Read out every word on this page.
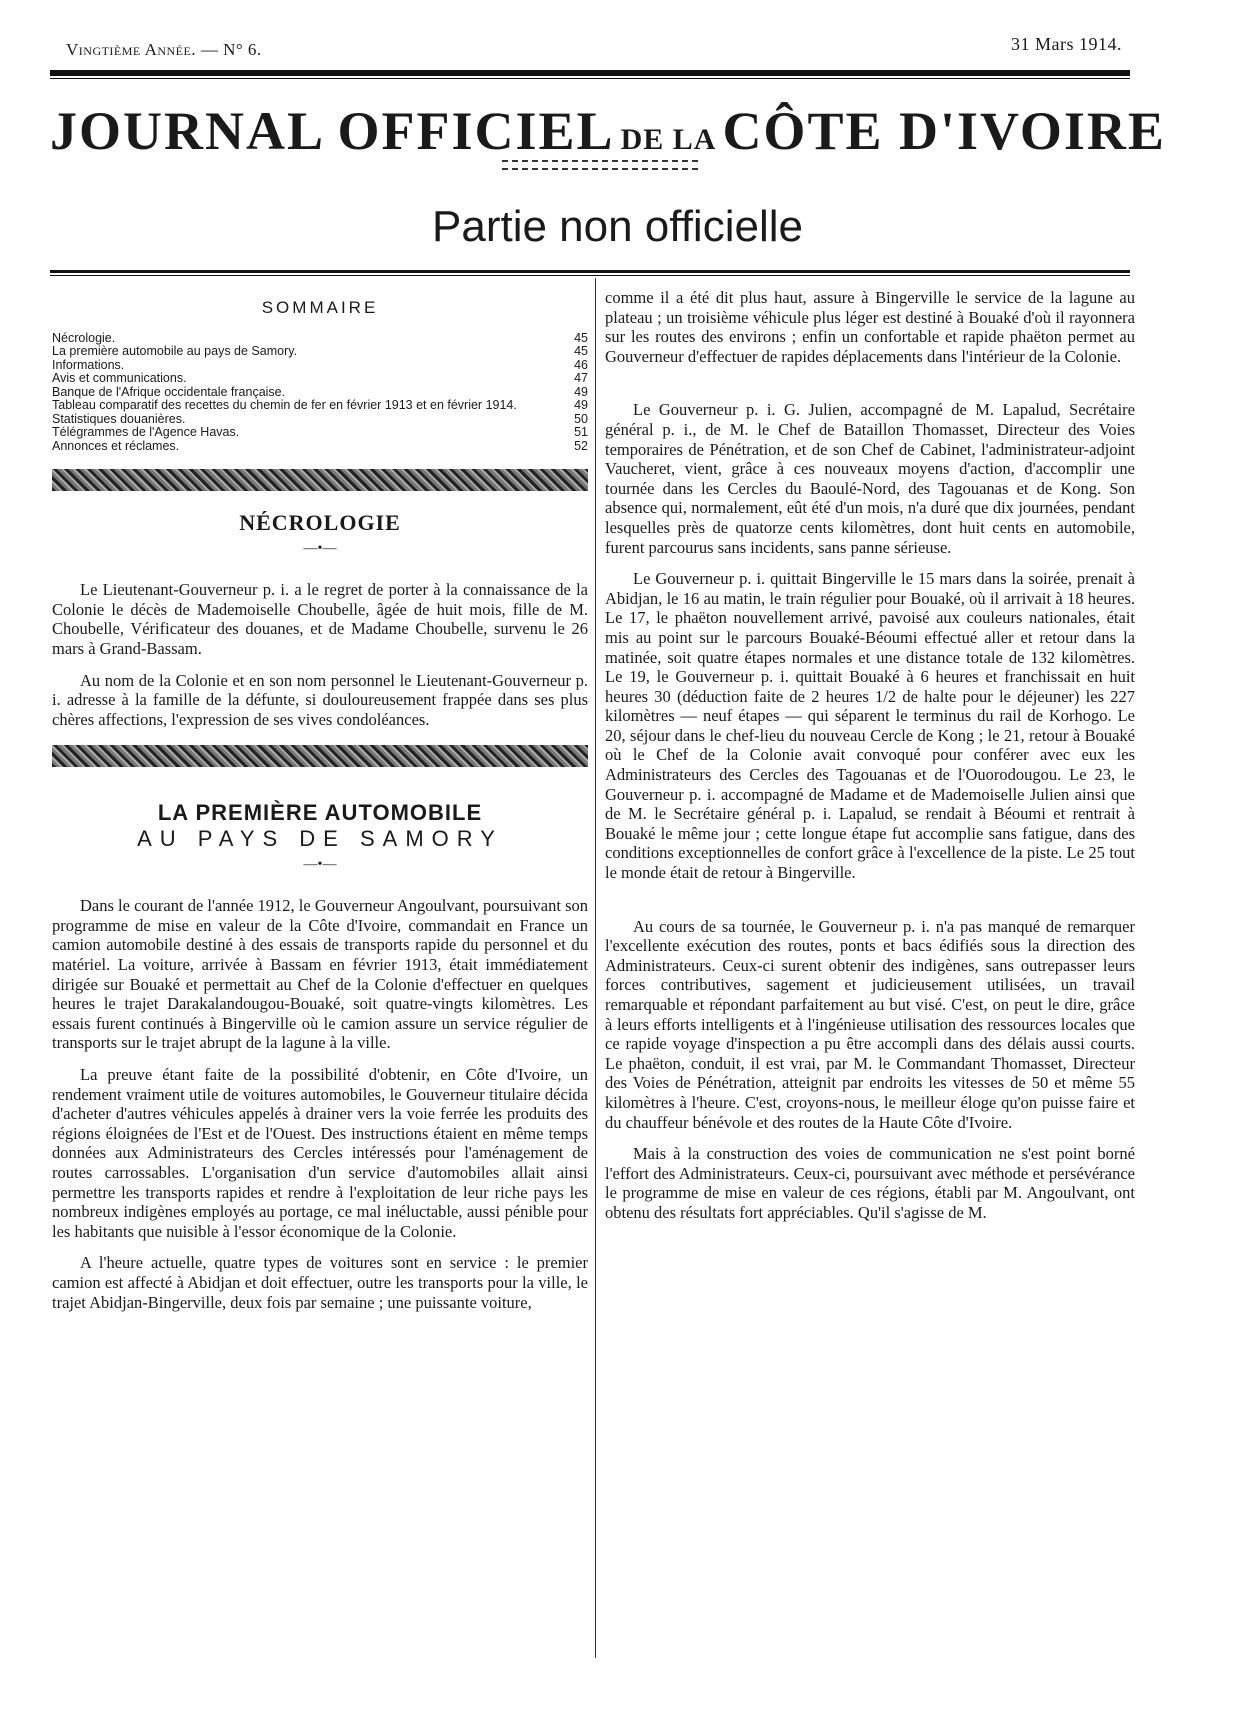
Vingtième Année. — N° 6.	31 Mars 1914.
JOURNAL OFFICIEL DE LA CÔTE D'IVOIRE
Partie non officielle
SOMMAIRE
Nécrologie.	45
La première automobile au pays de Samory.	45
Informations.	46
Avis et communications.	47
Banque de l'Afrique occidentale française.	49
Tableau comparatif des recettes du chemin de fer en février 1913 et en février 1914.	49
Statistiques douanières.	50
Télégrammes de l'Agence Havas.	51
Annonces et réclames.	52
NÉCROLOGIE
—•—

Le Lieutenant-Gouverneur p. i. a le regret de porter à la connaissance de la Colonie le décès de Mademoiselle Choubelle, âgée de huit mois, fille de M. Choubelle, Vérificateur des douanes, et de Madame Choubelle, survenu le 26 mars à Grand-Bassam.

Au nom de la Colonie et en son nom personnel le Lieutenant-Gouverneur p. i. adresse à la famille de la défunte, si douloureusement frappée dans ses plus chères affections, l'expression de ses vives condoléances.

LA PREMIÈRE AUTOMOBILE
AU PAYS DE SAMORY
—•—

Dans le courant de l'année 1912, le Gouverneur Angoulvant, poursuivant son programme de mise en valeur de la Côte d'Ivoire, commandait en France un camion automobile destiné à des essais de transports rapide du personnel et du matériel. La voiture, arrivée à Bassam en février 1913, était immédiatement dirigée sur Bouaké et permettait au Chef de la Colonie d'effectuer en quelques heures le trajet Darakalandougou-Bouaké, soit quatre-vingts kilomètres. Les essais furent continués à Bingerville où le camion assure un service régulier de transports sur le trajet abrupt de la lagune à la ville.

La preuve étant faite de la possibilité d'obtenir, en Côte d'Ivoire, un rendement vraiment utile de voitures automobiles, le Gouverneur titulaire décida d'acheter d'autres véhicules appelés à drainer vers la voie ferrée les produits des régions éloignées de l'Est et de l'Ouest. Des instructions étaient en même temps données aux Administrateurs des Cercles intéressés pour l'aménagement de routes carrossables. L'organisation d'un service d'automobiles allait ainsi permettre les transports rapides et rendre à l'exploitation de leur riche pays les nombreux indigènes employés au portage, ce mal inéluctable, aussi pénible pour les habitants que nuisible à l'essor économique de la Colonie.

A l'heure actuelle, quatre types de voitures sont en service : le premier camion est affecté à Abidjan et doit effectuer, outre les transports pour la ville, le trajet Abidjan-Bingerville, deux fois par semaine ; une puissante voiture,

comme il a été dit plus haut, assure à Bingerville le service de la lagune au plateau ; un troisième véhicule plus léger est destiné à Bouaké d'où il rayonnera sur les routes des environs ; enfin un confortable et rapide phaëton permet au Gouverneur d'effectuer de rapides déplacements dans l'intérieur de la Colonie.

Le Gouverneur p. i. G. Julien, accompagné de M. Lapalud, Secrétaire général p. i., de M. le Chef de Bataillon Thomasset, Directeur des Voies temporaires de Pénétration, et de son Chef de Cabinet, l'administrateur-adjoint Vaucheret, vient, grâce à ces nouveaux moyens d'action, d'accomplir une tournée dans les Cercles du Baoulé-Nord, des Tagouanas et de Kong. Son absence qui, normalement, eût été d'un mois, n'a duré que dix journées, pendant lesquelles près de quatorze cents kilomètres, dont huit cents en automobile, furent parcourus sans incidents, sans panne sérieuse.

Le Gouverneur p. i. quittait Bingerville le 15 mars dans la soirée, prenait à Abidjan, le 16 au matin, le train régulier pour Bouaké, où il arrivait à 18 heures. Le 17, le phaëton nouvellement arrivé, pavoisé aux couleurs nationales, était mis au point sur le parcours Bouaké-Béoumi effectué aller et retour dans la matinée, soit quatre étapes normales et une distance totale de 132 kilomètres. Le 19, le Gouverneur p. i. quittait Bouaké à 6 heures et franchissait en huit heures 30 (déduction faite de 2 heures 1/2 de halte pour le déjeuner) les 227 kilomètres — neuf étapes — qui séparent le terminus du rail de Korhogo. Le 20, séjour dans le chef-lieu du nouveau Cercle de Kong ; le 21, retour à Bouaké où le Chef de la Colonie avait convoqué pour conférer avec eux les Administrateurs des Cercles des Tagouanas et de l'Ouorodougou. Le 23, le Gouverneur p. i. accompagné de Madame et de Mademoiselle Julien ainsi que de M. le Secrétaire général p. i. Lapalud, se rendait à Béoumi et rentrait à Bouaké le même jour ; cette longue étape fut accomplie sans fatigue, dans des conditions exceptionnelles de confort grâce à l'excellence de la piste. Le 25 tout le monde était de retour à Bingerville.

Au cours de sa tournée, le Gouverneur p. i. n'a pas manqué de remarquer l'excellente exécution des routes, ponts et bacs édifiés sous la direction des Administrateurs. Ceux-ci surent obtenir des indigènes, sans outrepasser leurs forces contributives, sagement et judicieusement utilisées, un travail remarquable et répondant parfaitement au but visé. C'est, on peut le dire, grâce à leurs efforts intelligents et à l'ingénieuse utilisation des ressources locales que ce rapide voyage d'inspection a pu être accompli dans des délais aussi courts. Le phaëton, conduit, il est vrai, par M. le Commandant Thomasset, Directeur des Voies de Pénétration, atteignit par endroits les vitesses de 50 et même 55 kilomètres à l'heure. C'est, croyons-nous, le meilleur éloge qu'on puisse faire et du chauffeur bénévole et des routes de la Haute Côte d'Ivoire.

Mais à la construction des voies de communication ne s'est point borné l'effort des Administrateurs. Ceux-ci, poursuivant avec méthode et persévérance le programme de mise en valeur de ces régions, établi par M. Angoulvant, ont obtenu des résultats fort appréciables. Qu'il s'agisse de M.
